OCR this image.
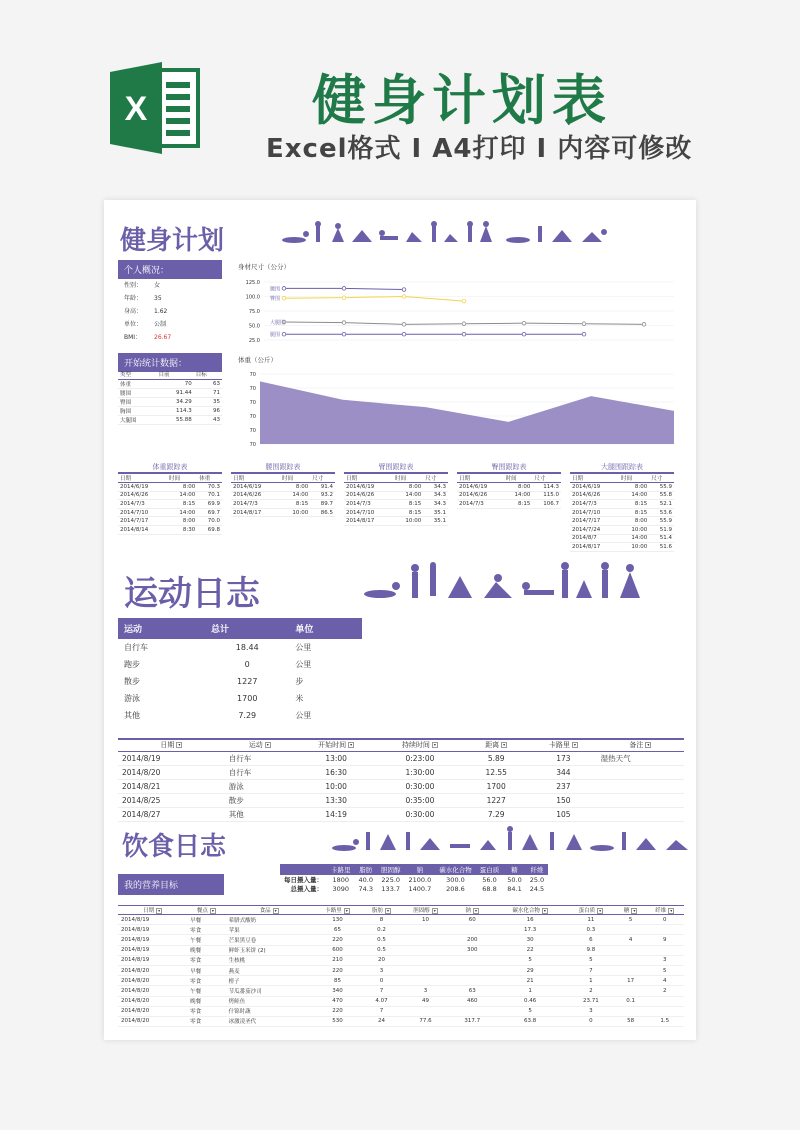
X	健身计划表
Excel格式 I A4打印 I 内容可修改
健身计划
个人概况：
性别： 女
年龄： 35
身高： 1.62
单位： 公制
BMI： 26.67
开始统计数据：
类型	目前	目标
体重	70	63
腰围	91.44	71
臀围	34.29	35
胸围	114.3	96
大腿围	55.88	43
身材尺寸（公分）
125.0
100.0
75.0
50.0
25.0
腰围
臀围
大腿围
腿围
体重（公斤）
70
70
70
70
70
70
体重跟踪表		
日期	时间	体重
2014/6/19	8:00	70.3
2014/6/26	14:00	70.1
2014/7/3	8:15	69.9
2014/7/10	14:00	69.7
2014/7/17	8:00	70.0
2014/8/14	8:30	69.8
腰围跟踪表		
日期	时间	尺寸
2014/6/19	8:00	91.4
2014/6/26	14:00	93.2
2014/7/3	8:15	89.7
2014/8/17	10:00	86.5
臂围跟踪表		
日期	时间	尺寸
2014/6/19	8:00	34.3
2014/6/26	14:00	34.3
2014/7/3	8:15	34.3
2014/7/10	8:15	35.1
2014/8/17	10:00	35.1
臀围跟踪表		
日期	时间	尺寸
2014/6/19	8:00	114.3
2014/6/26	14:00	115.0
2014/7/3	8:15	106.7
大腿围跟踪表		
日期	时间	尺寸
2014/6/19	8:00	55.9
2014/6/26	14:00	55.8
2014/7/3	8:15	52.1
2014/7/10	8:15	53.6
2014/7/17	8:00	55.9
2014/7/24	10:00	51.9
2014/8/7	14:00	51.4
2014/8/17	10:00	51.6
运动日志
运动	总计	单位
自行车	18.44	公里
跑步	0	公里
散步	1227	步
游泳	1700	米
其他	7.29	公里
日期 ▾	运动 ▾	开始时间 ▾	持续时间 ▾	距离 ▾	卡路里 ▾	备注 ▾
2014/8/19	自行车	13:00	0:23:00	5.89	173	湿热天气
2014/8/20	自行车	16:30	1:30:00	12.55	344	
2014/8/21	游泳	10:00	0:30:00	1700	237	
2014/8/25	散步	13:30	0:35:00	1227	150	
2014/8/27	其他	14:19	0:30:00	7.29	105	
饮食日志
我的营养目标
	卡路里	脂肪	胆固醇	钠	碳水化合物	蛋白质	糖	纤维
每日摄入量：	1800	40.0	225.0	2100.0	300.0	56.0	50.0	25.0
总摄入量：	3090	74.3	133.7	1400.7	208.6	68.8	84.1	24.5
日期 ▾	餐点 ▾	食品 ▾	卡路里 ▾	脂肪 ▾	胆固醇 ▾	钠 ▾	碳水化合物 ▾	蛋白质 ▾	糖 ▾	纤维 ▾
2014/8/19	早餐	希腊式酸奶	130	8	10	60	16	11	5	0
2014/8/19	零食	苹果	65	0.2			17.3	0.3		
2014/8/19	午餐	芒果黑豆卷	220	0.5		200	30	6	4	9
2014/8/19	晚餐	鲜虾玉米饼 (2)	600	0.5		300	22	9.8		
2014/8/19	零食	生核桃	210	20			5	5		3
2014/8/20	早餐	燕麦	220	3			29	7		5
2014/8/20	零食	橙子	85	0			21	1	17	4
2014/8/20	午餐	节瓜番茄沙司	340	7	3	63	1	2		2
2014/8/20	晚餐	烤鲑鱼	470	4.07	49	460	0.46	23.71	0.1	
2014/8/20	零食	什锦时蔬	220	7			5	3		
2014/8/20	零食	冰激凌圣代	530	24	77.6	317.7	63.8	0	58	1.5
